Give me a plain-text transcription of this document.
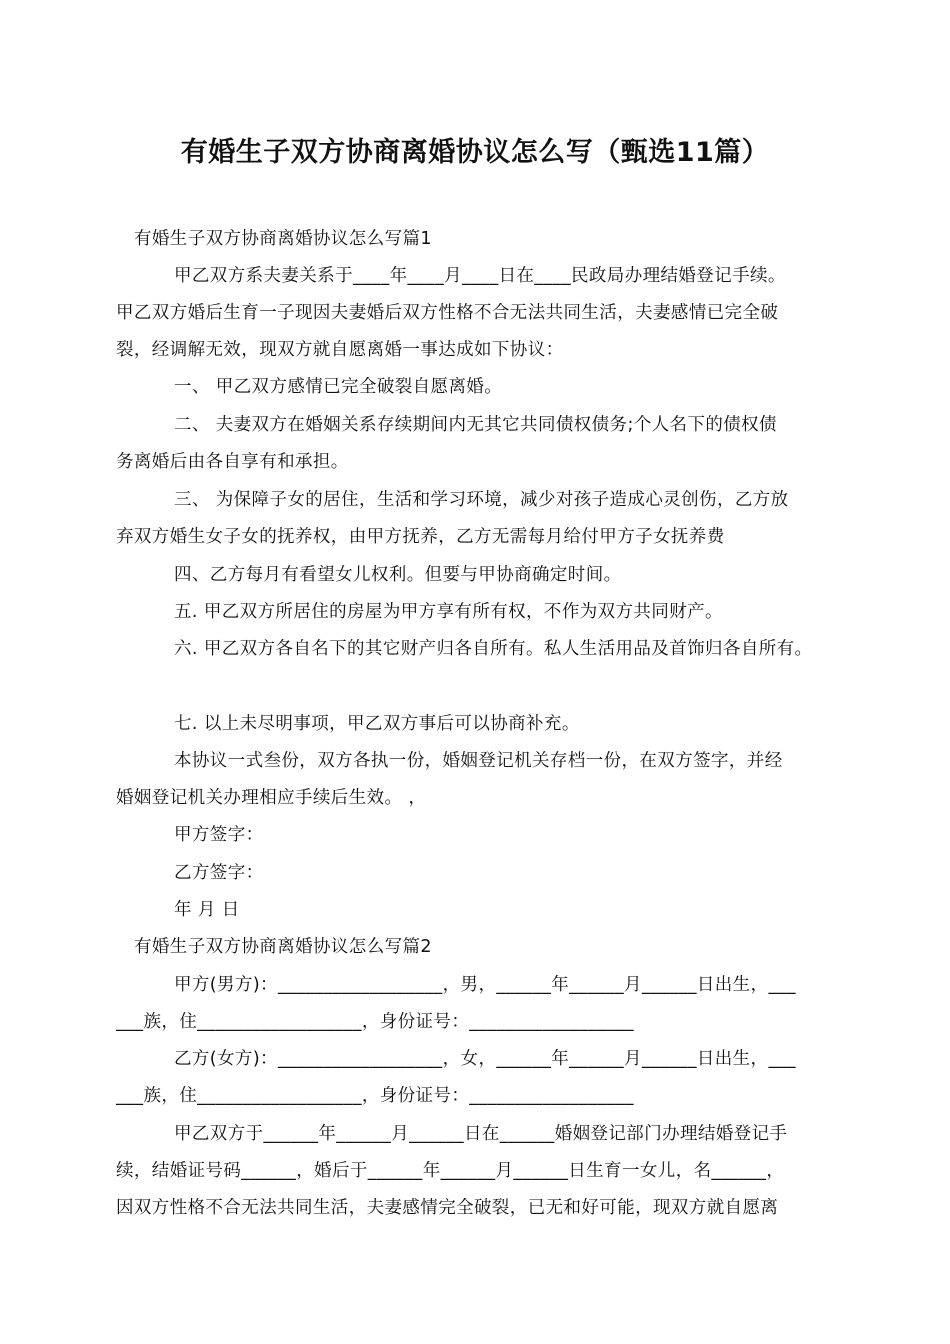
有婚生子双方协商离婚协议怎么写（甄选11篇）
有婚生子双方协商离婚协议怎么写篇1
甲乙双方系夫妻关系于____年____月____日在____民政局办理结婚登记手续。
甲乙双方婚后生育一子现因夫妻婚后双方性格不合无法共同生活，夫妻感情已完全破
裂，经调解无效，现双方就自愿离婚一事达成如下协议：
一、 甲乙双方感情已完全破裂自愿离婚。
二、 夫妻双方在婚姻关系存续期间内无其它共同债权债务;个人名下的债权债
务离婚后由各自享有和承担。
三、 为保障子女的居住，生活和学习环境，减少对孩子造成心灵创伤，乙方放
弃双方婚生女子女的抚养权，由甲方抚养，乙方无需每月给付甲方子女抚养费
四、乙方每月有看望女儿权利。但要与甲协商确定时间。
五. 甲乙双方所居住的房屋为甲方享有所有权，不作为双方共同财产。
六. 甲乙双方各自名下的其它财产归各自所有。私人生活用品及首饰归各自所有。
七. 以上未尽明事项，甲乙双方事后可以协商补充。
本协议一式叁份，双方各执一份，婚姻登记机关存档一份，在双方签字，并经
婚姻登记机关办理相应手续后生效。 ，
甲方签字：
乙方签字：
年 月 日
有婚生子双方协商离婚协议怎么写篇2
甲方(男方)：__________________，男，______年______月______日出生，___
___族，住__________________，身份证号：__________________
乙方(女方)：__________________，女，______年______月______日出生，___
___族，住__________________，身份证号：__________________
甲乙双方于______年______月______日在______婚姻登记部门办理结婚登记手
续，结婚证号码______，婚后于______年______月______日生育一女儿，名______，
因双方性格不合无法共同生活，夫妻感情完全破裂，已无和好可能，现双方就自愿离
